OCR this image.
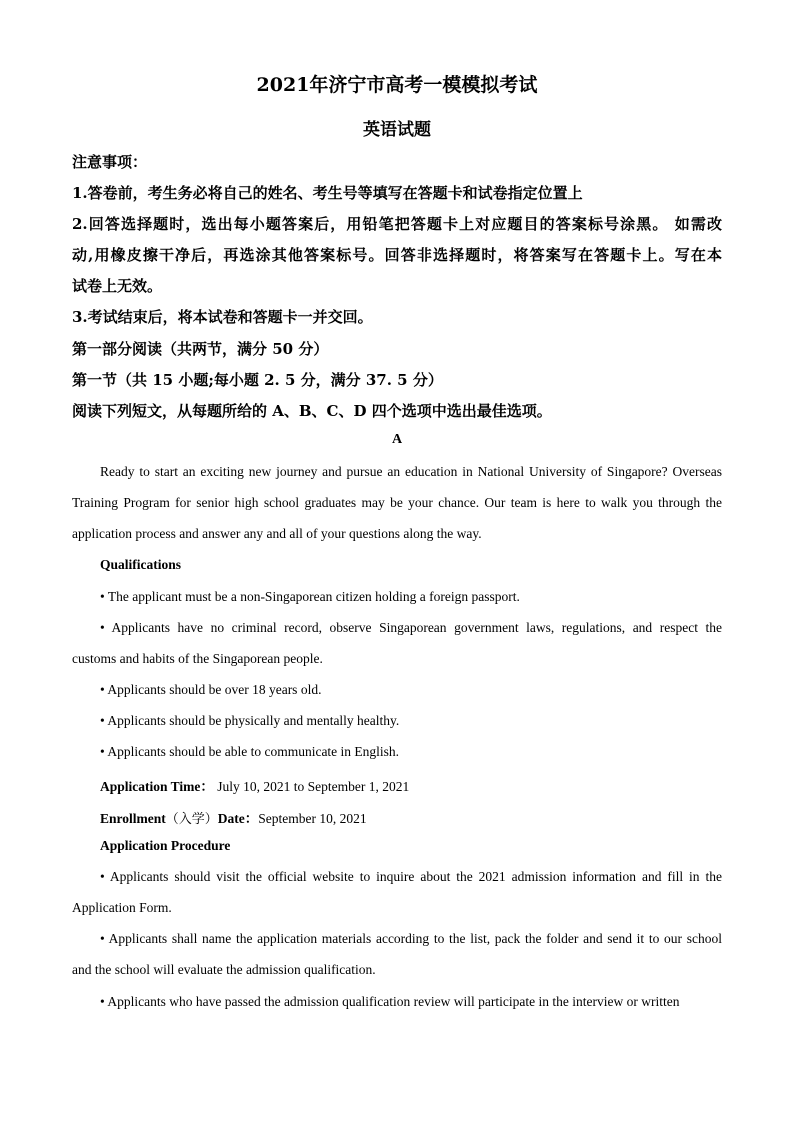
2021年济宁市高考一模模拟考试
英语试题
注意事项：
1.答卷前，考生务必将自己的姓名、考生号等填写在答题卡和试卷指定位置上
2.回答选择题时，选出每小题答案后，用铅笔把答题卡上对应题目的答案标号涂黑。 如需改
动,用橡皮擦干净后，再选涂其他答案标号。回答非选择题时，将答案写在答题卡上。写在本
试卷上无效。
3.考试结束后，将本试卷和答题卡一并交回。
第一部分阅读（共两节，满分 50 分）
第一节（共 15 小题;每小题 2. 5 分，满分 37. 5 分）
阅读下列短文，从每题所给的 A、B、C、D 四个选项中选出最佳选项。
A
Ready to start an exciting new journey and pursue an education in National University of Singapore? Overseas
Training Program for senior high school graduates may be your chance. Our team is here to walk you through the
application process and answer any and all of your questions along the way.
Qualifications
• The applicant must be a non-Singaporean citizen holding a foreign passport.
• Applicants have no criminal record, observe Singaporean government laws, regulations, and respect the
customs and habits of the Singaporean people.
• Applicants should be over 18 years old.
• Applicants should be physically and mentally healthy.
• Applicants should be able to communicate in English.
Application Time： July 10, 2021 to September 1, 2021
Enrollment（入学）Date：September 10, 2021
Application Procedure
• Applicants should visit the official website to inquire about the 2021 admission information and fill in the
Application Form.
• Applicants shall name the application materials according to the list, pack the folder and send it to our school
and the school will evaluate the admission qualification.
• Applicants who have passed the admission qualification review will participate in the interview or written
